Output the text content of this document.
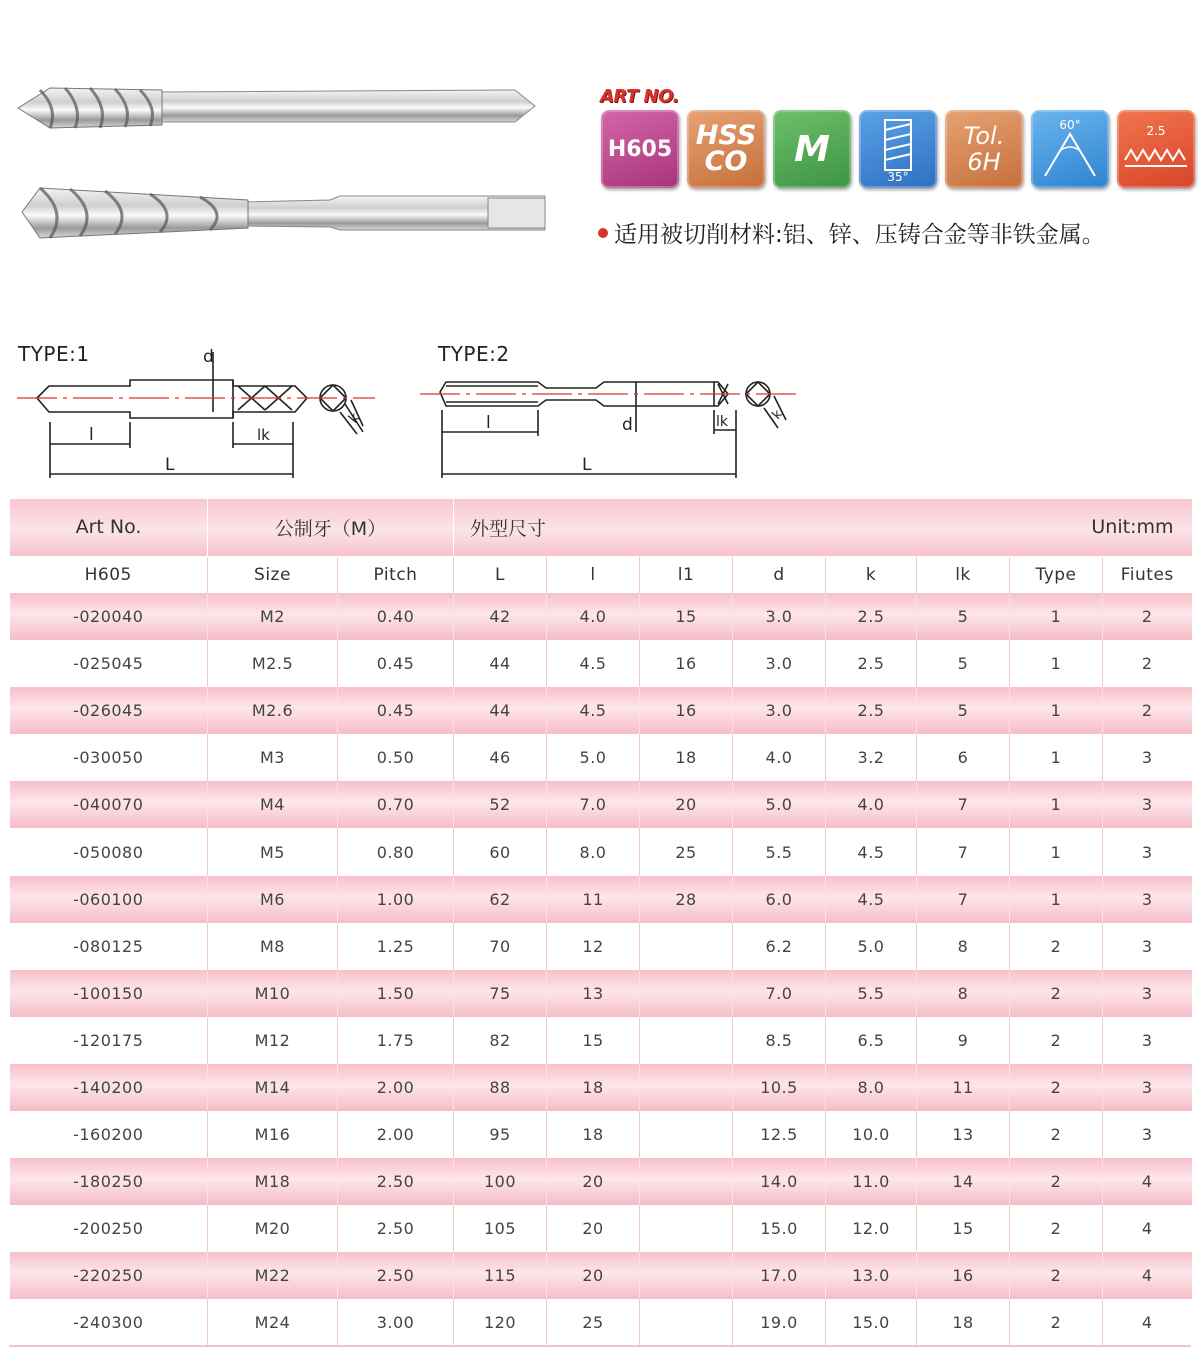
ART NO.
H605 HSS
CO M
35°
Tol.
6H
60°	2.5
适用被切削材料:铝、锌、压铸合金等非铁金属。
TYPE:1	d
l	lk
L
k
TYPE:2
d
l	lk
L
k
Art No.	公制牙（M）		外型尺寸 Unit:mm							

H605	Size	Pitch	L	l	l1	d	k	lk	Type	Fiutes
-020040	M2	0.40	42	4.0	15	3.0	2.5	5	1	2
-025045	M2.5	0.45	44	4.5	16	3.0	2.5	5	1	2
-026045	M2.6	0.45	44	4.5	16	3.0	2.5	5	1	2
-030050	M3	0.50	46	5.0	18	4.0	3.2	6	1	3
-040070	M4	0.70	52	7.0	20	5.0	4.0	7	1	3
-050080	M5	0.80	60	8.0	25	5.5	4.5	7	1	3
-060100	M6	1.00	62	11	28	6.0	4.5	7	1	3
-080125	M8	1.25	70	12		6.2	5.0	8	2	3
-100150	M10	1.50	75	13		7.0	5.5	8	2	3
-120175	M12	1.75	82	15		8.5	6.5	9	2	3
-140200	M14	2.00	88	18		10.5	8.0	11	2	3
-160200	M16	2.00	95	18		12.5	10.0	13	2	3
-180250	M18	2.50	100	20		14.0	11.0	14	2	4
-200250	M20	2.50	105	20		15.0	12.0	15	2	4
-220250	M22	2.50	115	20		17.0	13.0	16	2	4
-240300	M24	3.00	120	25		19.0	15.0	18	2	4
